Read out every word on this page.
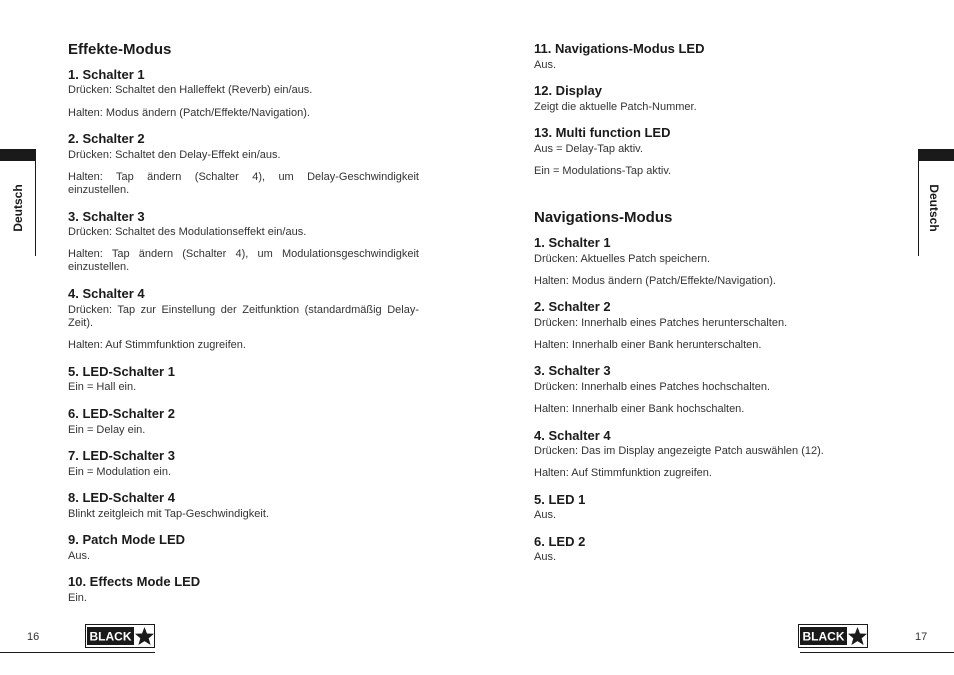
Effekte-Modus
1. Schalter 1
Drücken: Schaltet den Halleffekt (Reverb) ein/aus.
Halten: Modus ändern (Patch/Effekte/Navigation).
2. Schalter 2
Drücken: Schaltet den Delay-Effekt ein/aus.
Halten: Tap ändern (Schalter 4), um Delay-Geschwindigkeit einzustellen.
3. Schalter 3
Drücken: Schaltet des Modulationseffekt ein/aus.
Halten: Tap ändern (Schalter 4), um Modulationsgeschwindigkeit einzustellen.
4. Schalter 4
Drücken: Tap zur Einstellung der Zeitfunktion (standardmäßig Delay-Zeit).
Halten: Auf Stimmfunktion zugreifen.
5. LED-Schalter 1
Ein = Hall ein.
6. LED-Schalter 2
Ein = Delay ein.
7. LED-Schalter 3
Ein = Modulation ein.
8. LED-Schalter 4
Blinkt zeitgleich mit Tap-Geschwindigkeit.
9. Patch Mode LED
Aus.
10. Effects Mode LED
Ein.
11. Navigations-Modus LED
Aus.
12. Display
Zeigt die aktuelle Patch-Nummer.
13. Multi function LED
Aus = Delay-Tap aktiv.
Ein = Modulations-Tap aktiv.
Navigations-Modus
1. Schalter 1
Drücken: Aktuelles Patch speichern.
Halten: Modus ändern (Patch/Effekte/Navigation).
2. Schalter 2
Drücken: Innerhalb eines Patches herunterschalten.
Halten: Innerhalb einer Bank herunterschalten.
3. Schalter 3
Drücken: Innerhalb eines Patches hochschalten.
Halten: Innerhalb einer Bank hochschalten.
4. Schalter 4
Drücken: Das im Display angezeigte Patch auswählen (12).
Halten: Auf Stimmfunktion zugreifen.
5. LED 1
Aus.
6. LED 2
Aus.
Deutsch	Deutsch
16	17
BLACK	BLACK
